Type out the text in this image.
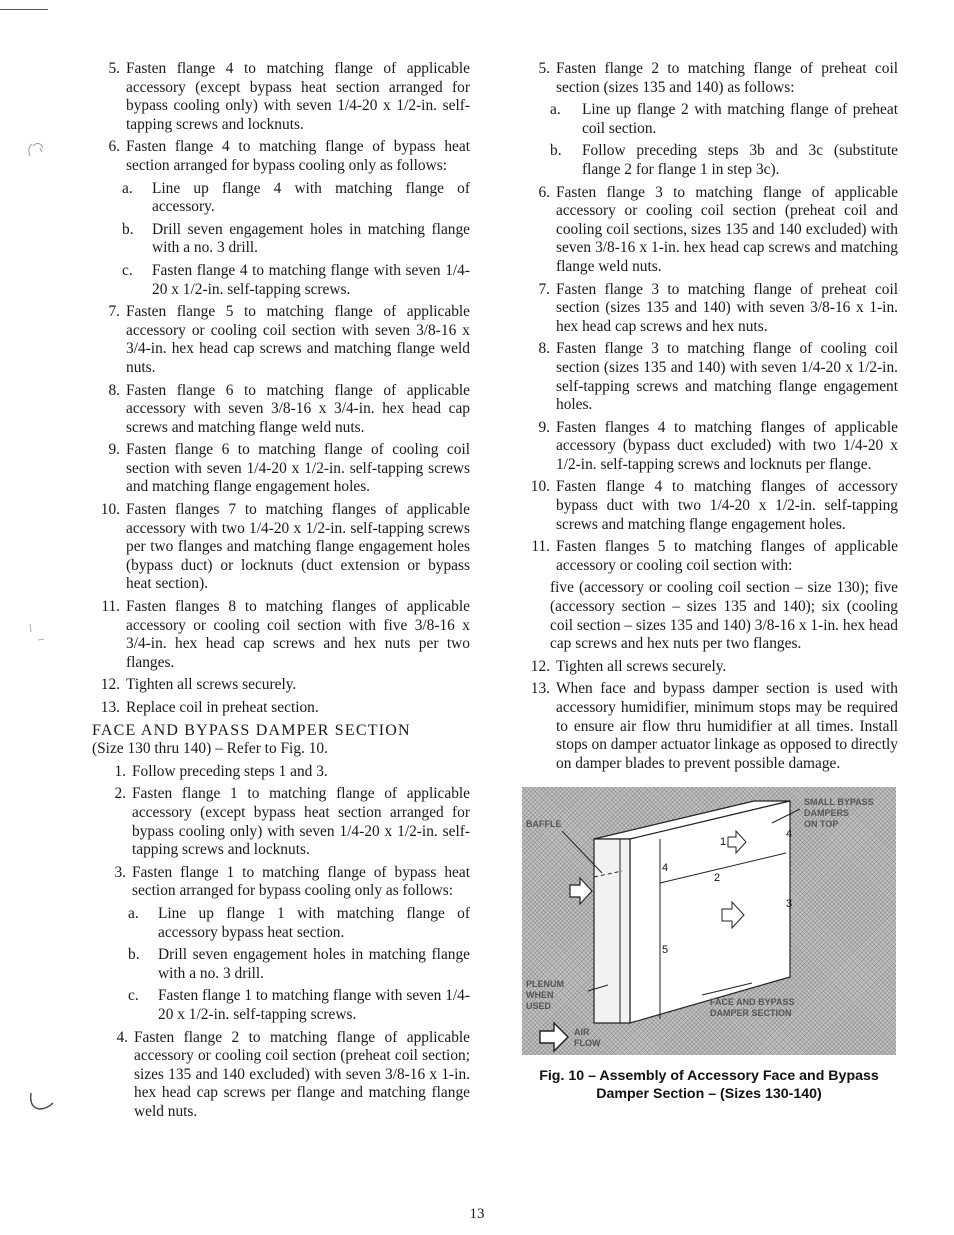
5. Fasten flange 4 to matching flange of applicable accessory (except bypass heat section arranged for bypass cooling only) with seven 1/4-20 x 1/2-in. self-tapping screws and locknuts.
6. Fasten flange 4 to matching flange of bypass heat section arranged for bypass cooling only as follows:
a.	Line up flange 4 with matching flange of accessory.
b.	Drill seven engagement holes in matching flange with a no. 3 drill.
c.	Fasten flange 4 to matching flange with seven 1/4-20 x 1/2-in. self-tapping screws.
7. Fasten flange 5 to matching flange of applicable accessory or cooling coil section with seven 3/8-16 x 3/4-in. hex head cap screws and matching flange weld nuts.
8. Fasten flange 6 to matching flange of applicable accessory with seven 3/8-16 x 3/4-in. hex head cap screws and matching flange weld nuts.
9. Fasten flange 6 to matching flange of cooling coil section with seven 1/4-20 x 1/2-in. self-tapping screws and matching flange engagement holes.
10. Fasten flanges 7 to matching flanges of applicable accessory with two 1/4-20 x 1/2-in. self-tapping screws per two flanges and matching flange engagement holes (bypass duct) or locknuts (duct extension or bypass heat section).
11. Fasten flanges 8 to matching flanges of applicable accessory or cooling coil section with five 3/8-16 x 3/4-in. hex head cap screws and hex nuts per two flanges.
12. Tighten all screws securely.
13. Replace coil in preheat section.
FACE AND BYPASS DAMPER SECTION
(Size 130 thru 140) – Refer to Fig. 10.
1. Follow preceding steps 1 and 3.
2. Fasten flange 1 to matching flange of applicable accessory (except bypass heat section arranged for bypass cooling only) with seven 1/4-20 x 1/2-in. self-tapping screws and locknuts.
3. Fasten flange 1 to matching flange of bypass heat section arranged for bypass cooling only as follows:
a.	Line up flange 1 with matching flange of accessory bypass heat section.
b.	Drill seven engagement holes in matching flange with a no. 3 drill.
c.	Fasten flange 1 to matching flange with seven 1/4-20 x 1/2-in. self-tapping screws.
4. Fasten flange 2 to matching flange of applicable accessory or cooling coil section (preheat coil section; sizes 135 and 140 excluded) with seven 3/8-16 x 1-in. hex head cap screws per flange and matching flange weld nuts.
5. Fasten flange 2 to matching flange of preheat coil section (sizes 135 and 140) as follows:
a.	Line up flange 2 with matching flange of preheat coil section.
b.	Follow preceding steps 3b and 3c (substitute flange 2 for flange 1 in step 3c).
6. Fasten flange 3 to matching flange of applicable accessory or cooling coil section (preheat coil and cooling coil sections, sizes 135 and 140 excluded) with seven 3/8-16 x 1-in. hex head cap screws and matching flange weld nuts.
7. Fasten flange 3 to matching flange of preheat coil section (sizes 135 and 140) with seven 3/8-16 x 1-in. hex head cap screws and hex nuts.
8. Fasten flange 3 to matching flange of cooling coil section (sizes 135 and 140) with seven 1/4-20 x 1/2-in. self-tapping screws and matching flange engagement holes.
9. Fasten flanges 4 to matching flanges of applicable accessory (bypass duct excluded) with two 1/4-20 x 1/2-in. self-tapping screws and locknuts per flange.
10. Fasten flange 4 to matching flanges of accessory bypass duct with two 1/4-20 x 1/2-in. self-tapping screws and matching flange engagement holes.
11. Fasten flanges 5 to matching flanges of applicable accessory or cooling coil section with:
five (accessory or cooling coil section – size 130); five (accessory section – sizes 135 and 140); six (cooling coil section – sizes 135 and 140) 3/8-16 x 1-in. hex head cap screws and hex nuts per two flanges.
12. Tighten all screws securely.
13. When face and bypass damper section is used with accessory humidifier, minimum stops may be required to ensure air flow thru humidifier at all times. Install stops on damper actuator linkage as opposed to directly on damper blades to prevent possible damage.
1
2
3
4
4
5
BAFFLE
SMALL BYPASS
DAMPERS
ON TOP
PLENUM
WHEN
USED	FACE AND BYPASS
DAMPER SECTION
AIR
FLOW
Fig. 10 – Assembly of Accessory Face and Bypass
Damper Section – (Sizes 130-140)
13
